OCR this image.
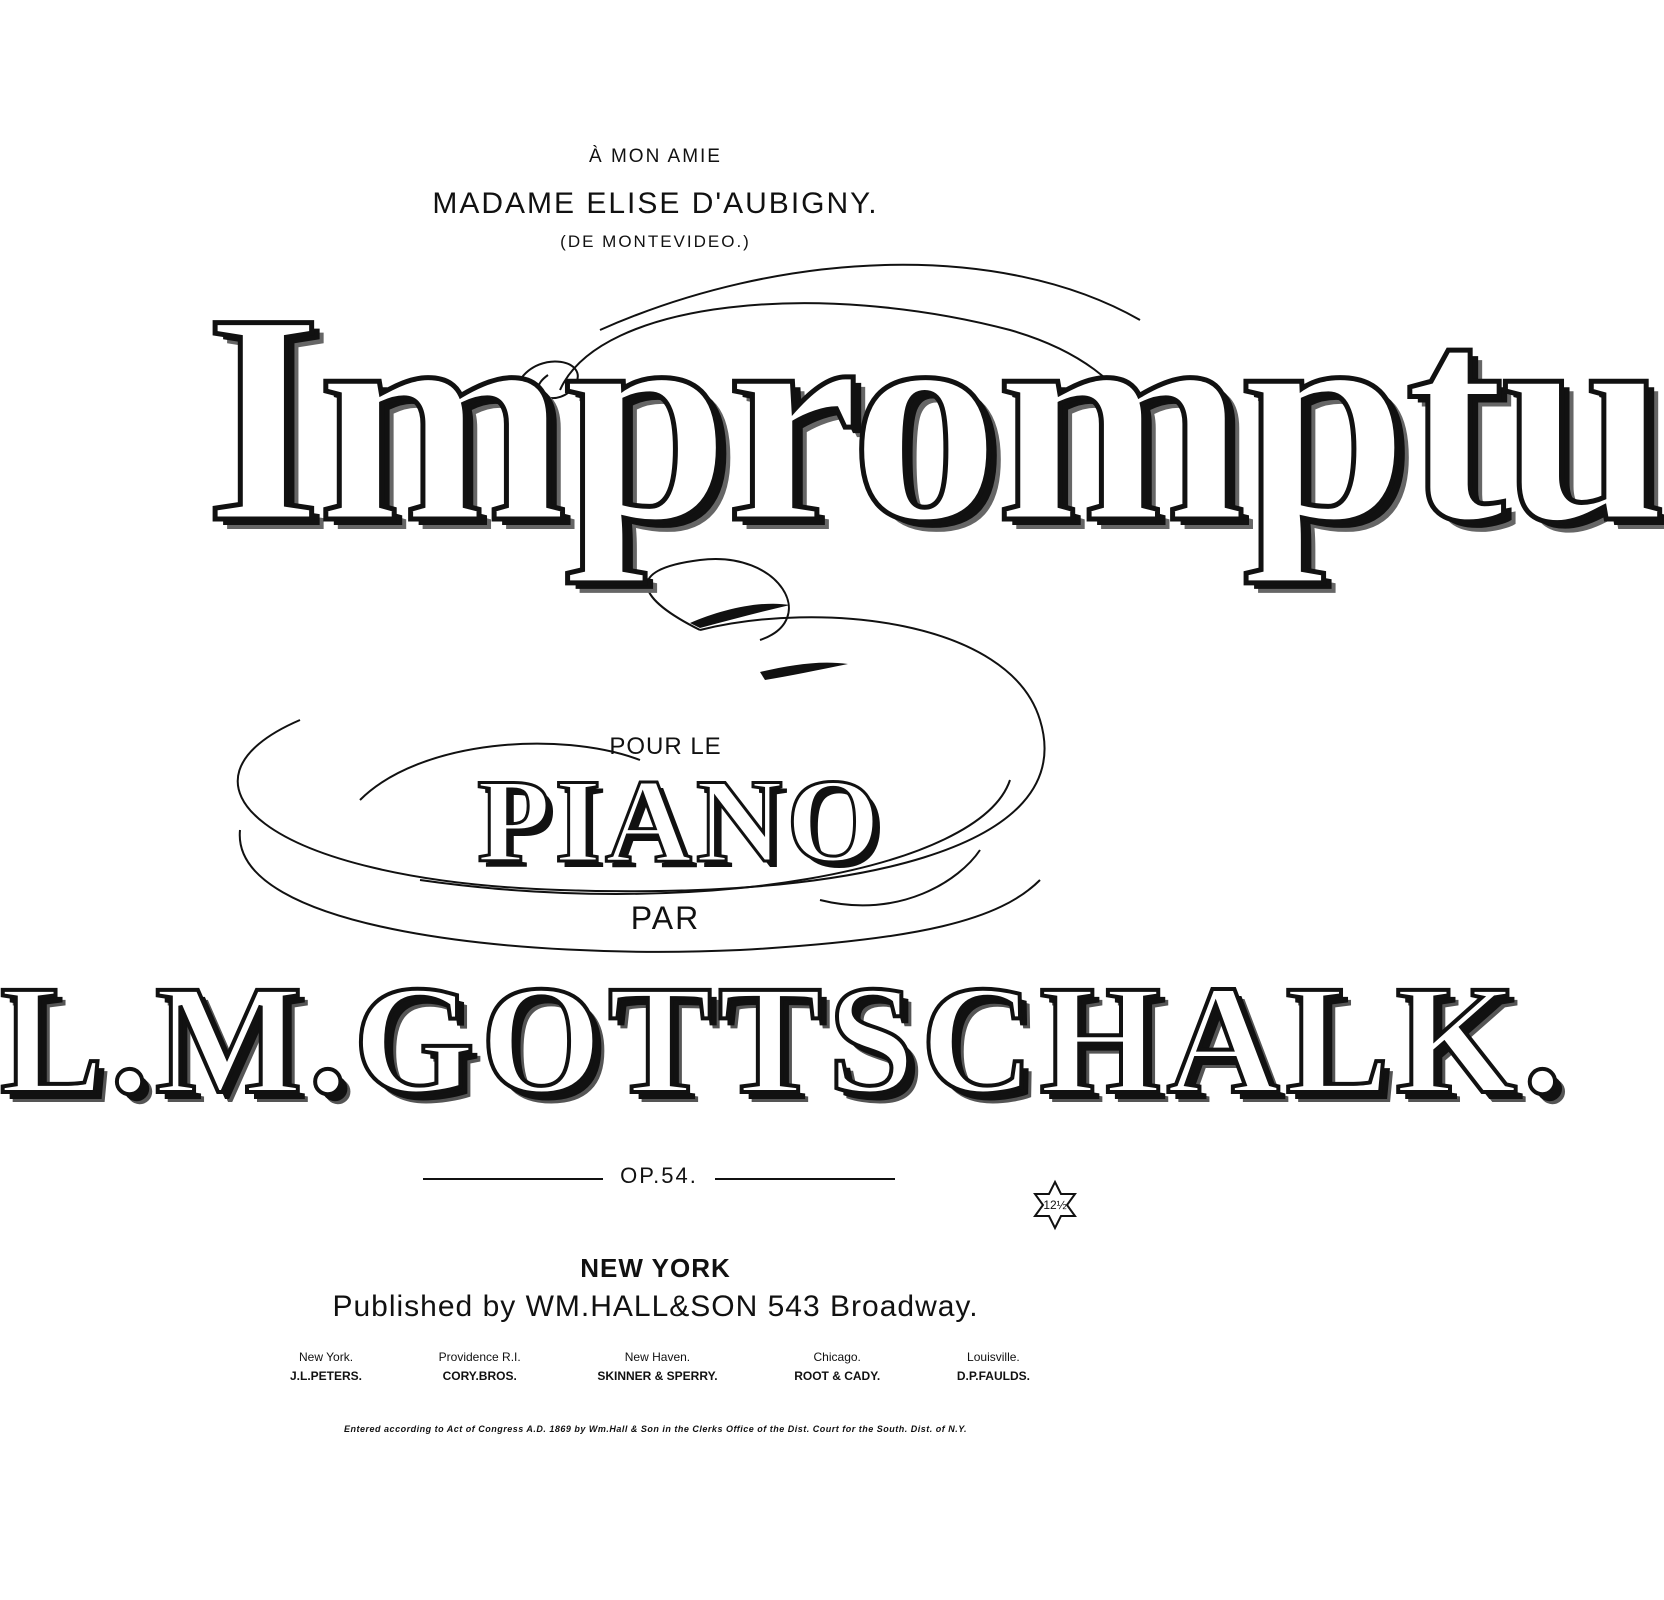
À MON AMIE
MADAME ELISE D'AUBIGNY.
(DE MONTEVIDEO.)
Impromptu
POUR LE
PIANO
PAR
L.M.GOTTSCHALK.
OP.54.
12½
NEW YORK
Published by WM.HALL&SON 543 Broadway.
New York.
J.L.PETERS.
Providence R.I.
CORY.BROS.
New Haven.
SKINNER & SPERRY.
Chicago.
ROOT & CADY.
Louisville.
D.P.FAULDS.
Entered according to Act of Congress A.D. 1869 by Wm.Hall & Son in the Clerks Office of the Dist. Court for the South. Dist. of N.Y.
